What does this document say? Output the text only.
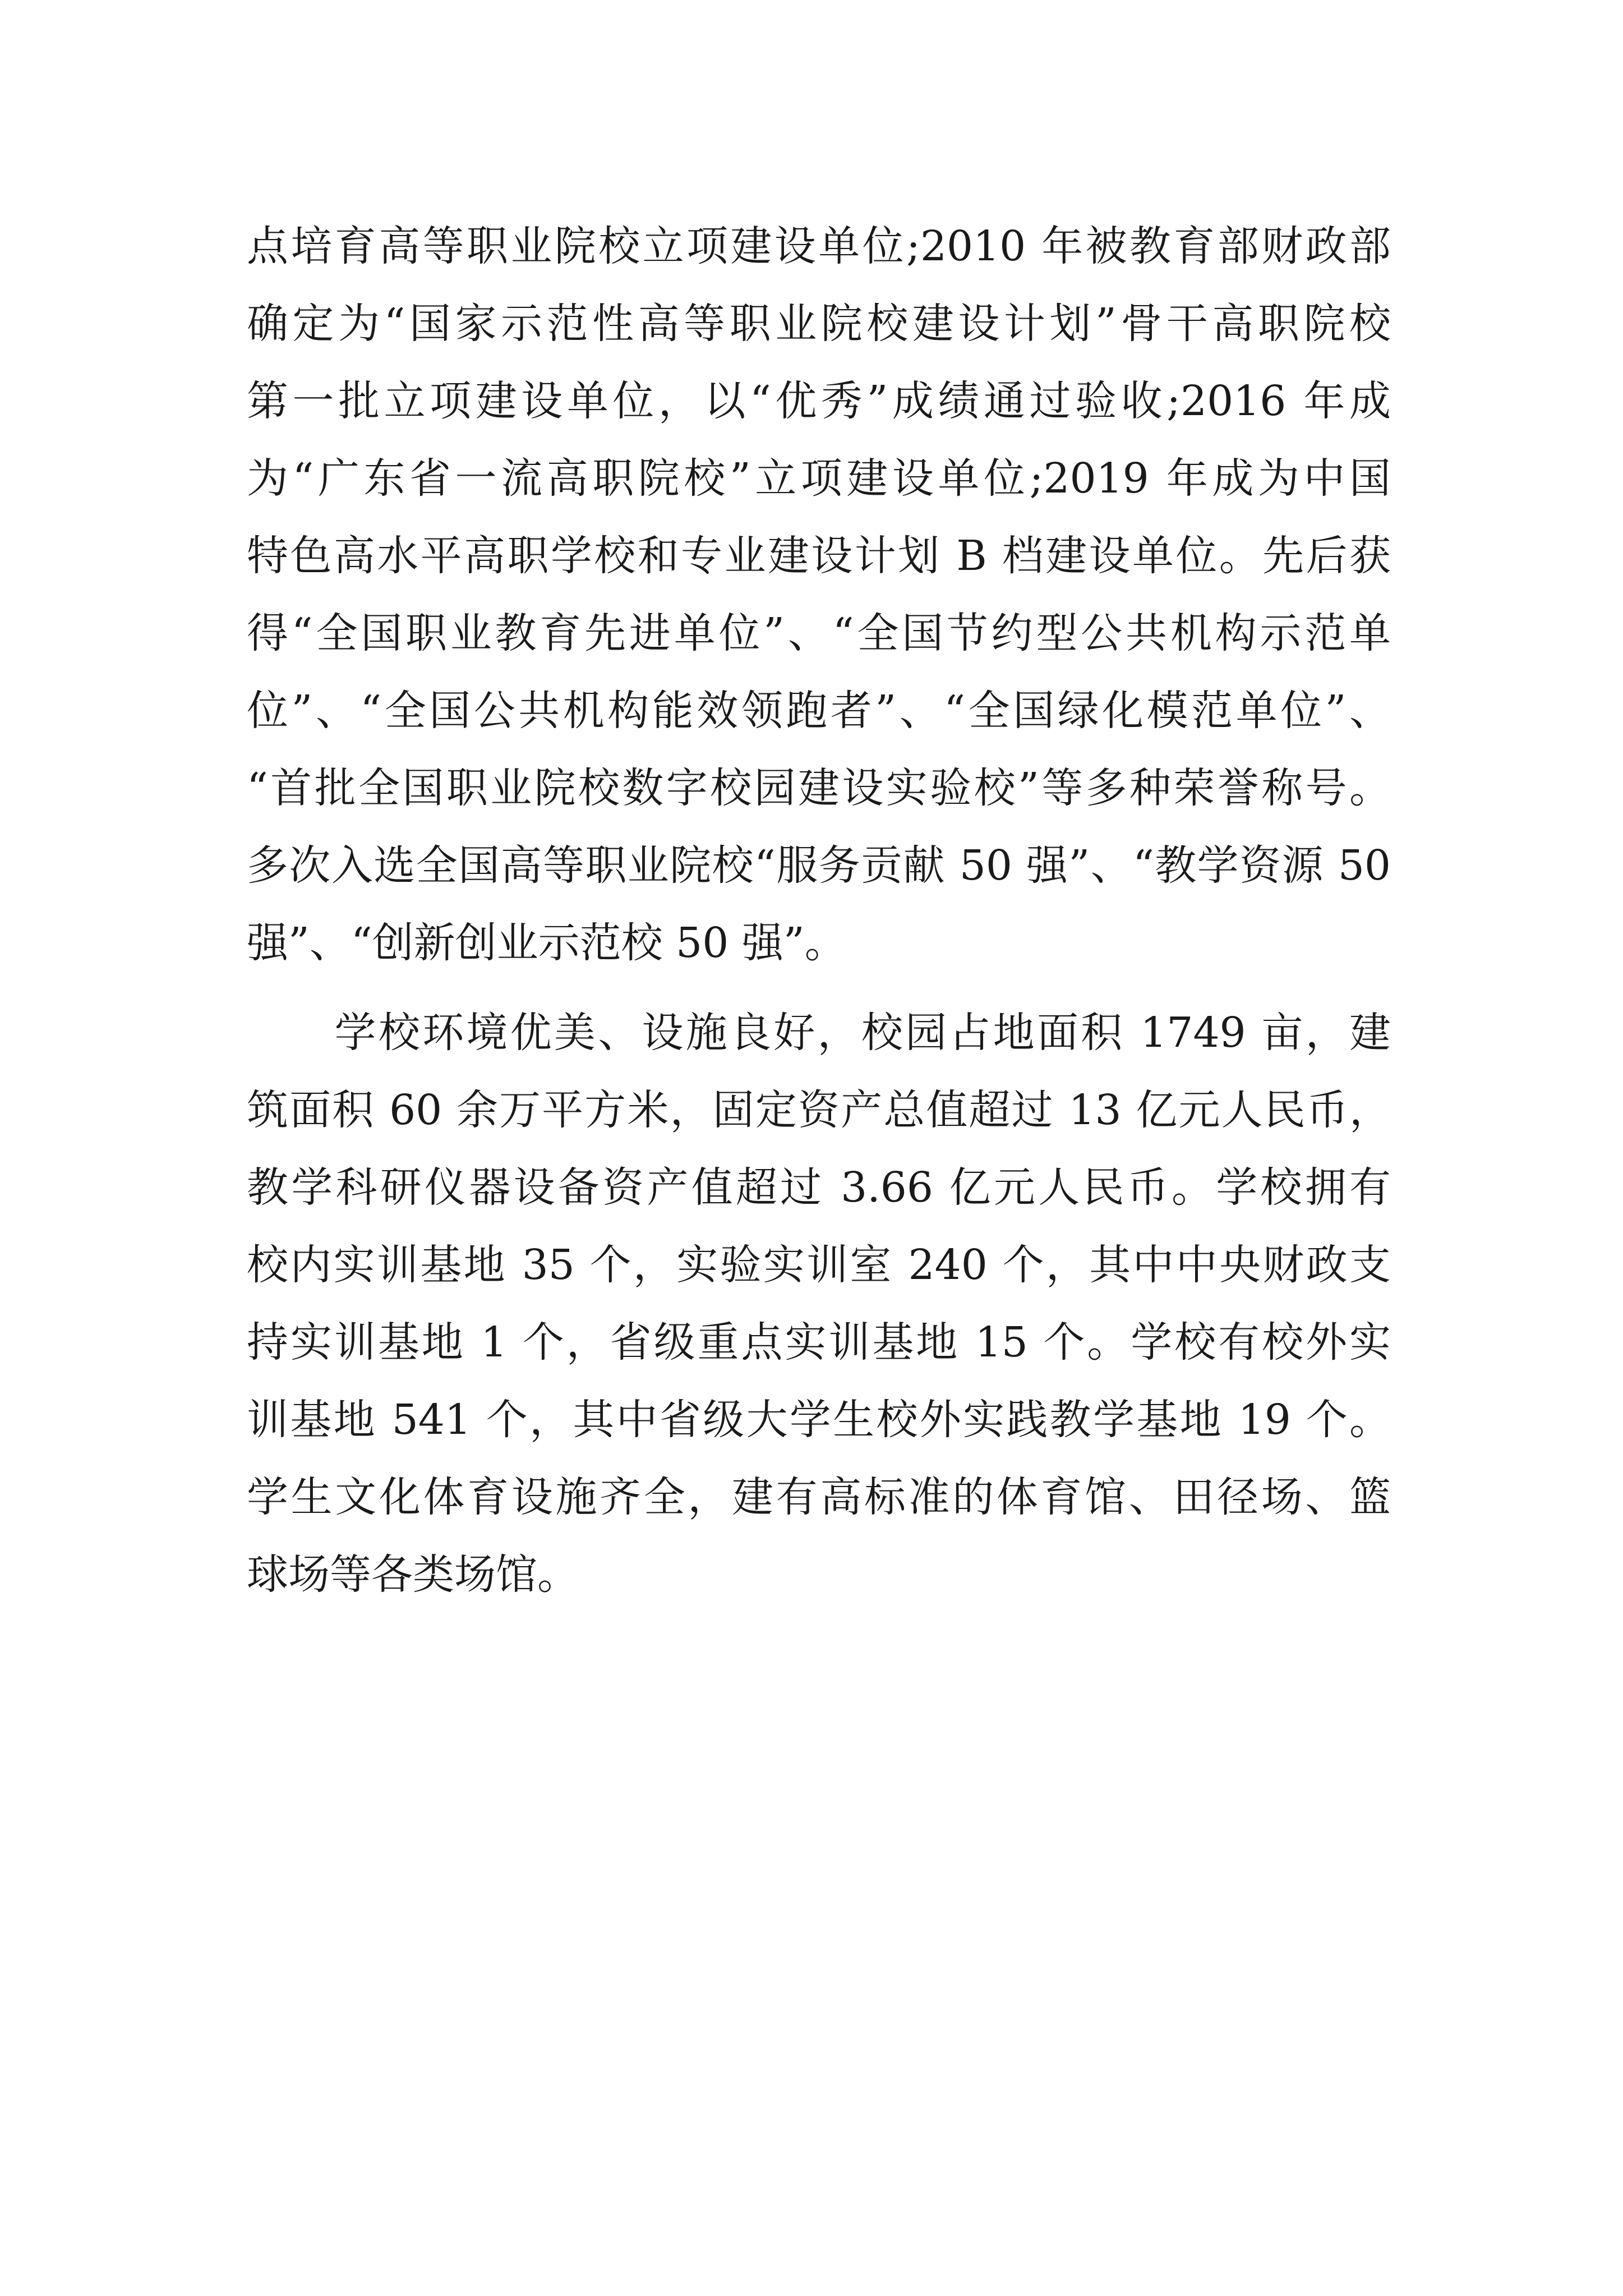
点培育高等职业院校立项建设单位;2010 年被教育部财政部
确定为“国家示范性高等职业院校建设计划”骨干高职院校
第一批立项建设单位，以“优秀”成绩通过验收;2016 年成
为“广东省一流高职院校”立项建设单位;2019 年成为中国
特色高水平高职学校和专业建设计划 B 档建设单位。先后获
得“全国职业教育先进单位”、“全国节约型公共机构示范单
位”、“全国公共机构能效领跑者”、“全国绿化模范单位”、
“首批全国职业院校数字校园建设实验校”等多种荣誉称号。
多次入选全国高等职业院校“服务贡献 50 强”、“教学资源 50
强”、“创新创业示范校 50 强”。
　　学校环境优美、设施良好，校园占地面积 1749 亩，建
筑面积 60 余万平方米，固定资产总值超过 13 亿元人民币，
教学科研仪器设备资产值超过 3.66 亿元人民币。学校拥有
校内实训基地 35 个，实验实训室 240 个，其中中央财政支
持实训基地 1 个，省级重点实训基地 15 个。学校有校外实
训基地 541 个，其中省级大学生校外实践教学基地 19 个。
学生文化体育设施齐全，建有高标准的体育馆、田径场、篮
球场等各类场馆。
